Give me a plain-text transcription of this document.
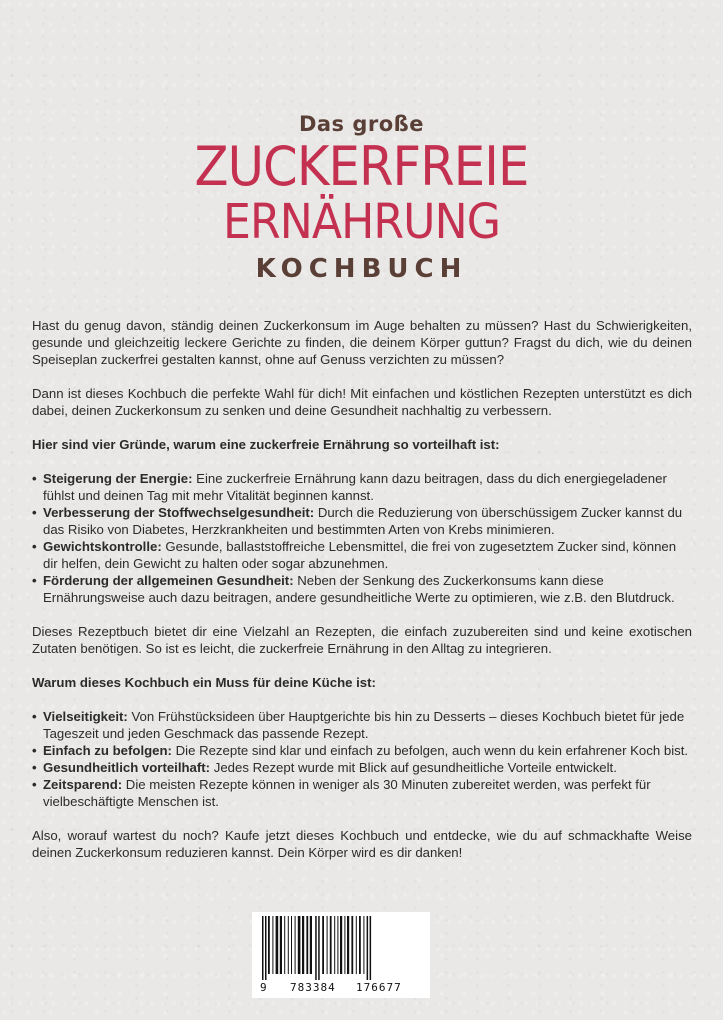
Das große
ZUCKERFREIE
ERNÄHRUNG
KOCHBUCH

Hast du genug davon, ständig deinen Zuckerkonsum im Auge behalten zu müssen? Hast du Schwierigkeiten, gesunde und gleichzeitig leckere Gerichte zu finden, die deinem Körper guttun? Fragst du dich, wie du deinen Speiseplan zuckerfrei gestalten kannst, ohne auf Genuss verzichten zu müssen?

Dann ist dieses Kochbuch die perfekte Wahl für dich! Mit einfachen und köstlichen Rezepten unterstützt es dich dabei, deinen Zuckerkonsum zu senken und deine Gesundheit nachhaltig zu verbessern.

Hier sind vier Gründe, warum eine zuckerfreie Ernährung so vorteilhaft ist:

• Steigerung der Energie: Eine zuckerfreie Ernährung kann dazu beitragen, dass du dich energiegeladener fühlst und deinen Tag mit mehr Vitalität beginnen kannst.
• Verbesserung der Stoffwechselgesundheit: Durch die Reduzierung von überschüssigem Zucker kannst du das Risiko von Diabetes, Herzkrankheiten und bestimmten Arten von Krebs minimieren.
• Gewichtskontrolle: Gesunde, ballaststoffreiche Lebensmittel, die frei von zugesetztem Zucker sind, können dir helfen, dein Gewicht zu halten oder sogar abzunehmen.
• Förderung der allgemeinen Gesundheit: Neben der Senkung des Zuckerkonsums kann diese Ernährungsweise auch dazu beitragen, andere gesundheitliche Werte zu optimieren, wie z.B. den Blutdruck.

Dieses Rezeptbuch bietet dir eine Vielzahl an Rezepten, die einfach zuzubereiten sind und keine exotischen Zutaten benötigen. So ist es leicht, die zuckerfreie Ernährung in den Alltag zu integrieren.

Warum dieses Kochbuch ein Muss für deine Küche ist:

• Vielseitigkeit: Von Frühstücksideen über Hauptgerichte bis hin zu Desserts – dieses Kochbuch bietet für jede Tageszeit und jeden Geschmack das passende Rezept.
• Einfach zu befolgen: Die Rezepte sind klar und einfach zu befolgen, auch wenn du kein erfahrener Koch bist.
• Gesundheitlich vorteilhaft: Jedes Rezept wurde mit Blick auf gesundheitliche Vorteile entwickelt.
• Zeitsparend: Die meisten Rezepte können in weniger als 30 Minuten zubereitet werden, was perfekt für vielbeschäftigte Menschen ist.

Also, worauf wartest du noch? Kaufe jetzt dieses Kochbuch und entdecke, wie du auf schmackhafte Weise deinen Zuckerkonsum reduzieren kannst. Dein Körper wird es dir danken!

9 783384 176677
